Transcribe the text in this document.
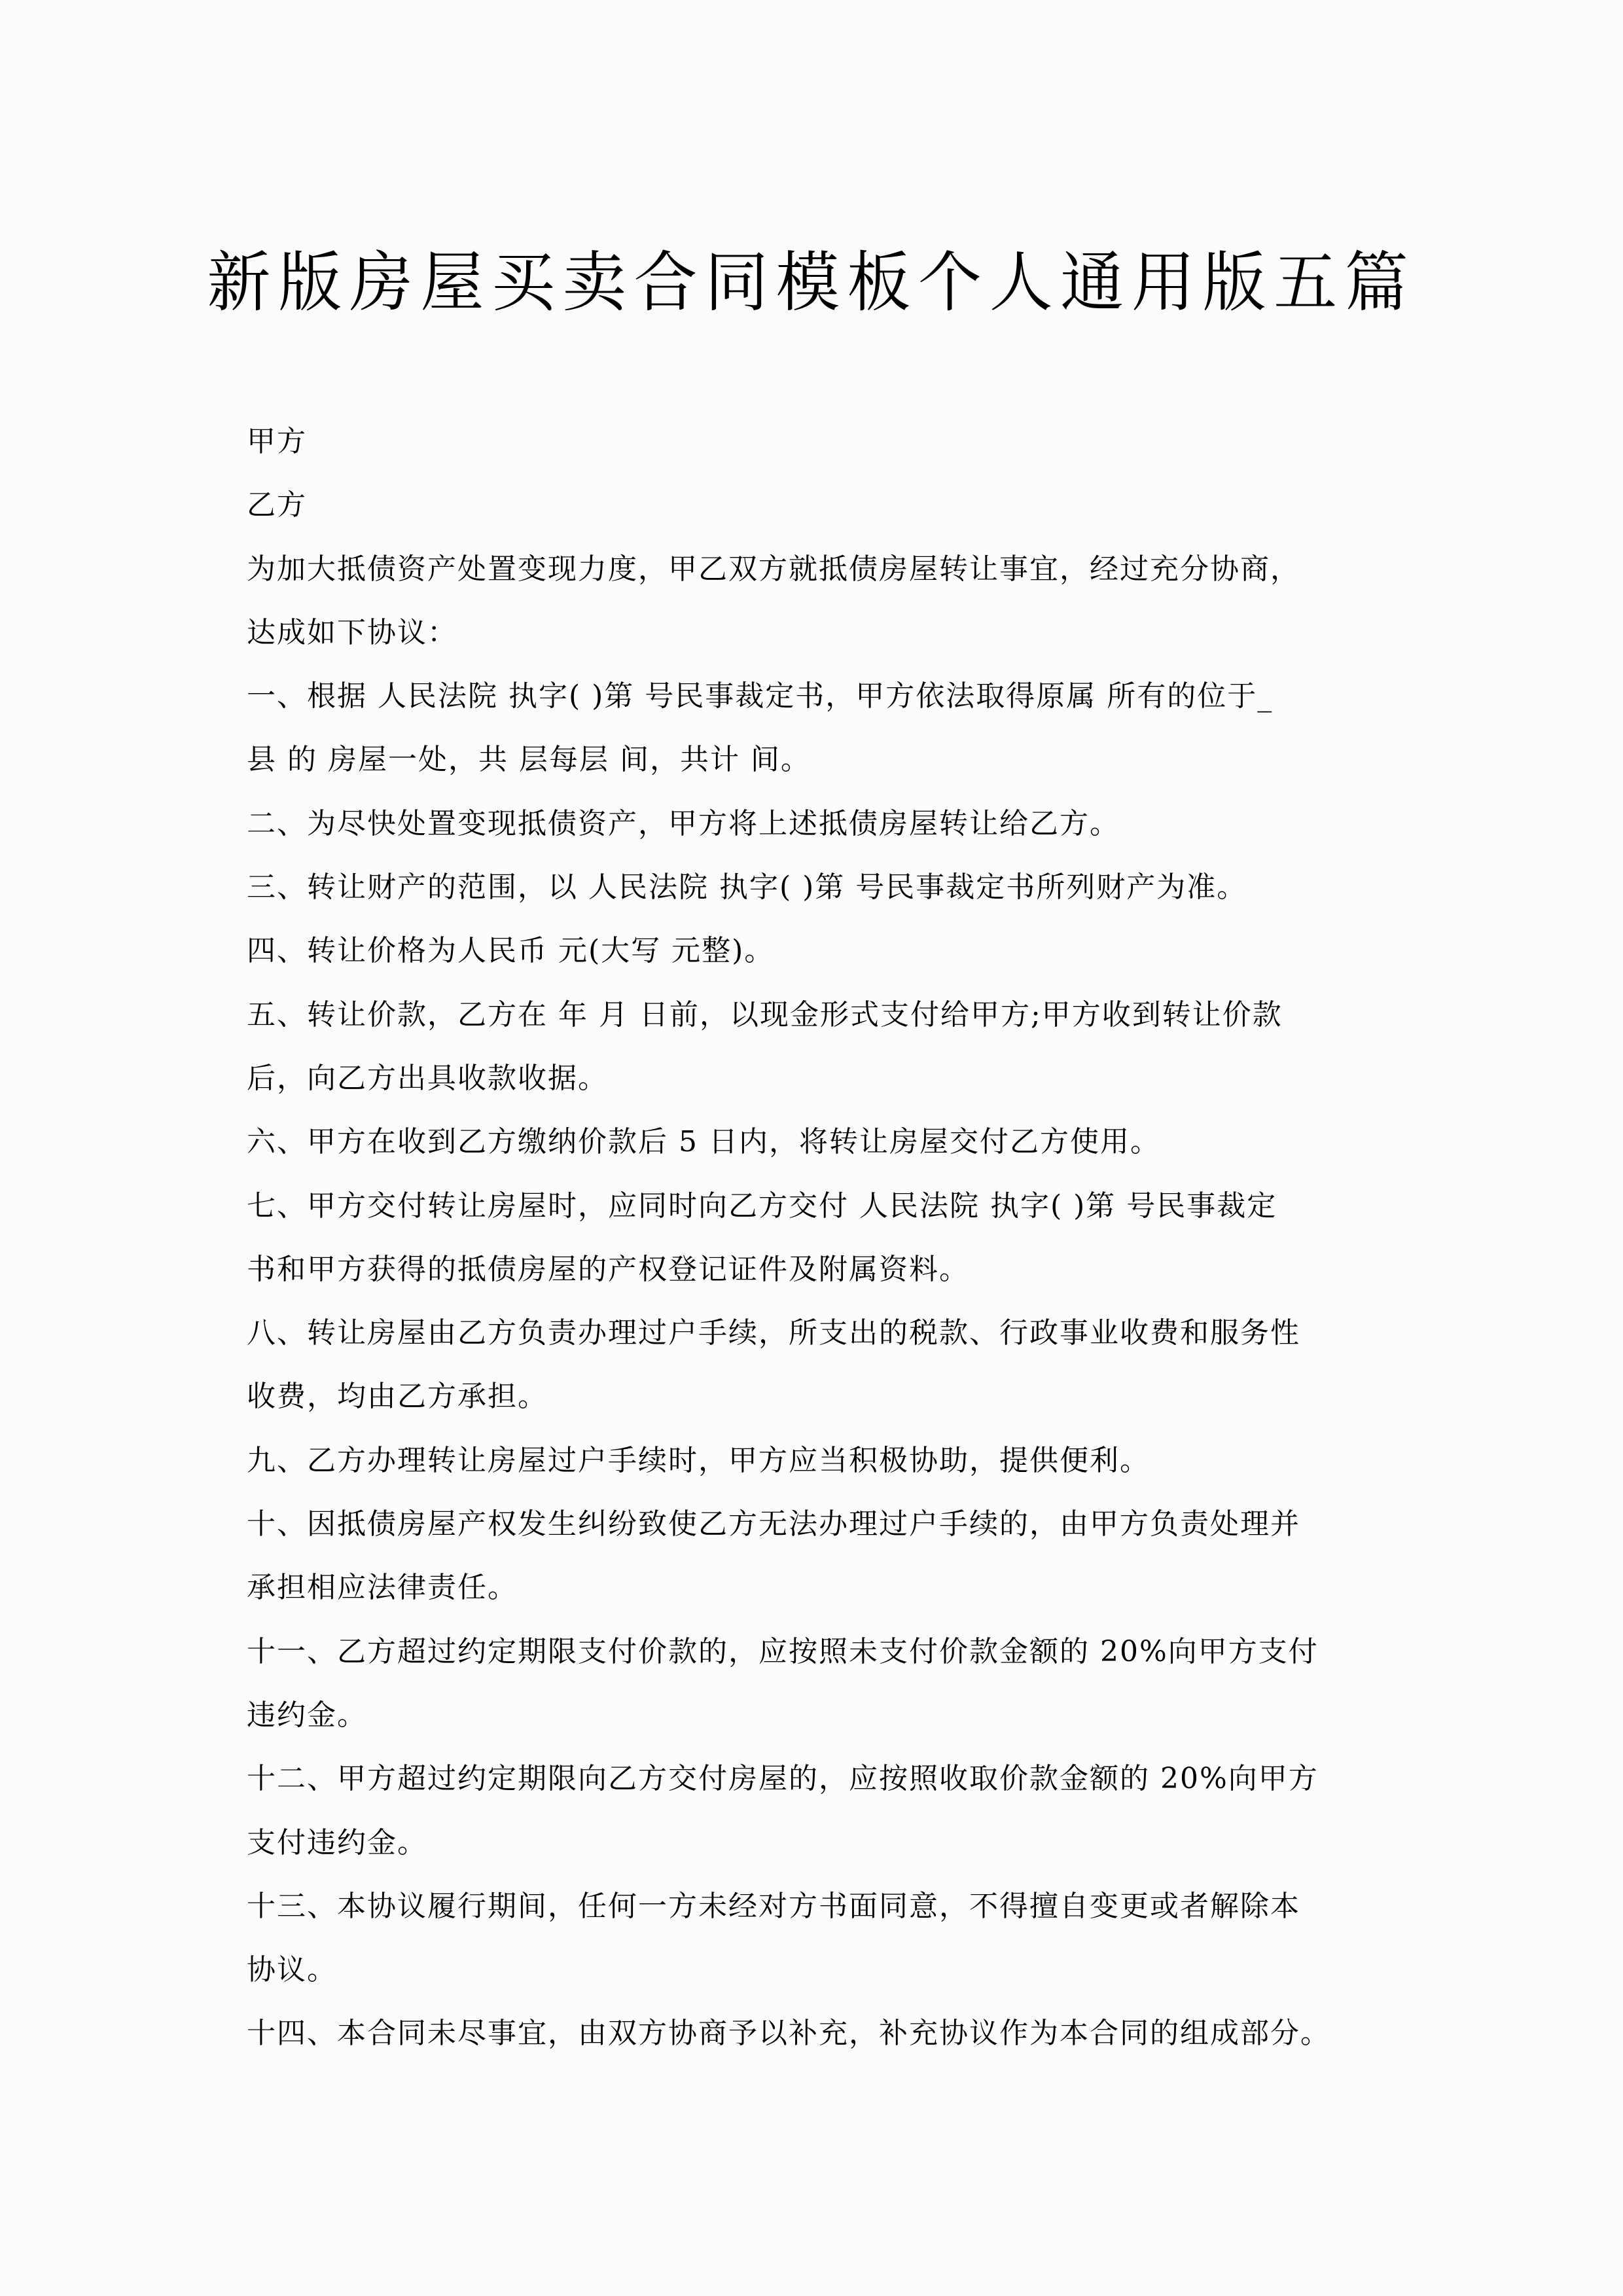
新版房屋买卖合同模板个人通用版五篇
甲方
乙方
为加大抵债资产处置变现力度，甲乙双方就抵债房屋转让事宜，经过充分协商，
达成如下协议：
一、根据 人民法院 执字( )第 号民事裁定书，甲方依法取得原属 所有的位于_
县 的 房屋一处，共 层每层 间，共计 间。
二、为尽快处置变现抵债资产，甲方将上述抵债房屋转让给乙方。
三、转让财产的范围，以 人民法院 执字( )第 号民事裁定书所列财产为准。
四、转让价格为人民币 元(大写 元整)。
五、转让价款，乙方在 年 月 日前，以现金形式支付给甲方;甲方收到转让价款
后，向乙方出具收款收据。
六、甲方在收到乙方缴纳价款后 5 日内，将转让房屋交付乙方使用。
七、甲方交付转让房屋时，应同时向乙方交付 人民法院 执字( )第 号民事裁定
书和甲方获得的抵债房屋的产权登记证件及附属资料。
八、转让房屋由乙方负责办理过户手续，所支出的税款、行政事业收费和服务性
收费，均由乙方承担。
九、乙方办理转让房屋过户手续时，甲方应当积极协助，提供便利。
十、因抵债房屋产权发生纠纷致使乙方无法办理过户手续的，由甲方负责处理并
承担相应法律责任。
十一、乙方超过约定期限支付价款的，应按照未支付价款金额的 20%向甲方支付
违约金。
十二、甲方超过约定期限向乙方交付房屋的，应按照收取价款金额的 20%向甲方
支付违约金。
十三、本协议履行期间，任何一方未经对方书面同意，不得擅自变更或者解除本
协议。
十四、本合同未尽事宜，由双方协商予以补充，补充协议作为本合同的组成部分。
